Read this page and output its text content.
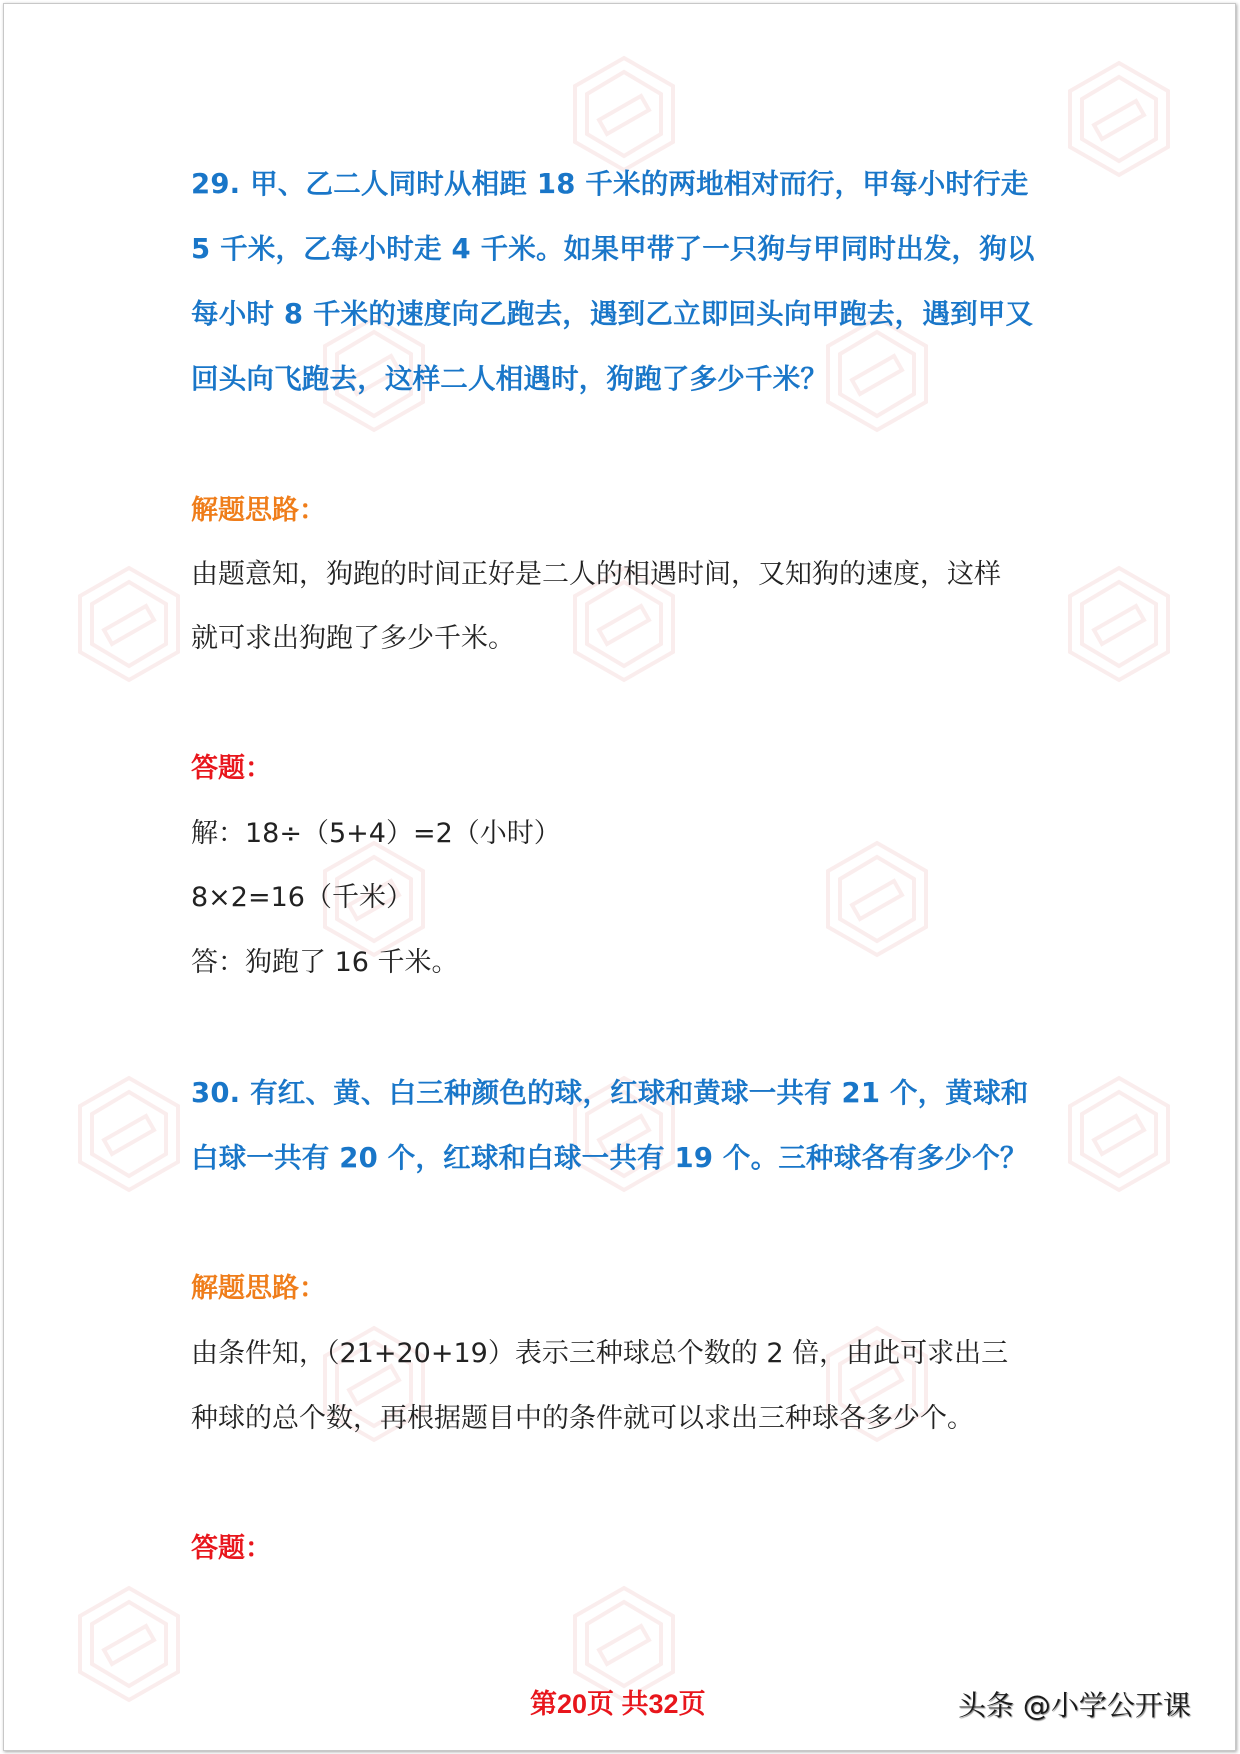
29. 甲、乙二人同时从相距 18 千米的两地相对而行，甲每小时行走
5 千米，乙每小时走 4 千米。如果甲带了一只狗与甲同时出发，狗以
每小时 8 千米的速度向乙跑去，遇到乙立即回头向甲跑去，遇到甲又
回头向飞跑去，这样二人相遇时，狗跑了多少千米？
解题思路：
由题意知，狗跑的时间正好是二人的相遇时间，又知狗的速度，这样
就可求出狗跑了多少千米。
答题：
解：18÷（5+4）=2（小时）
8×2=16（千米）
答：狗跑了 16 千米。
30. 有红、黄、白三种颜色的球，红球和黄球一共有 21 个，黄球和
白球一共有 20 个，红球和白球一共有 19 个。三种球各有多少个？
解题思路：
由条件知，（21+20+19）表示三种球总个数的 2 倍，由此可求出三
种球的总个数，再根据题目中的条件就可以求出三种球各多少个。
答题：
第20页 共32页	头条 @小学公开课
